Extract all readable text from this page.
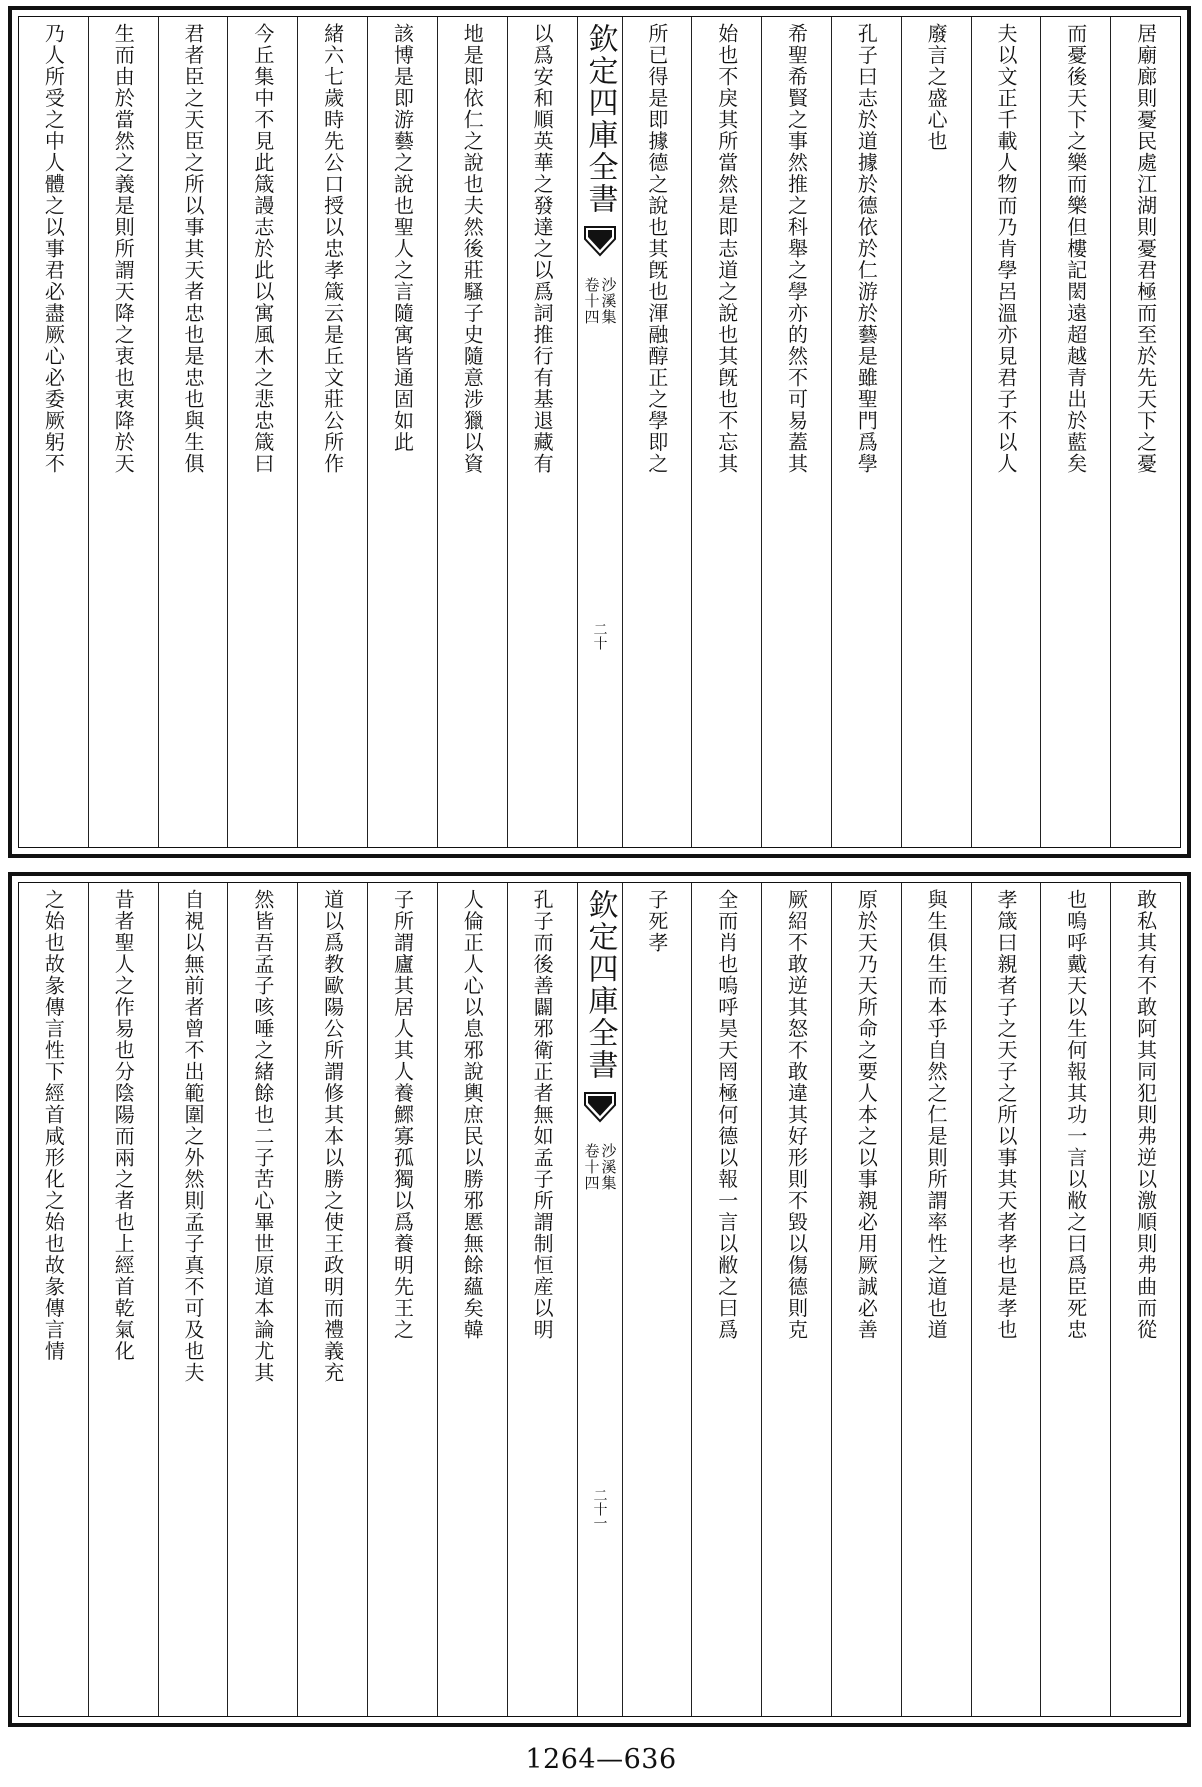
居廟廊則憂民處江湖則憂君極而至於先天下之憂
而憂後天下之樂而樂但樓記閎遠超越青出於藍矣
夫以文正千載人物而乃肯學呂溫亦見君子不以人
廢言之盛心也
孔子曰志於道據於德依於仁游於藝是雖聖門爲學
希聖希賢之事然推之科舉之學亦的然不可易蓋其
始也不戾其所當然是即志道之說也其旣也不忘其
所已得是即據德之說也其旣也渾融醇正之學即之
欽定四庫全書
沙溪集
卷十四
二十
以爲安和順英華之發達之以爲詞推行有基退藏有
地是即依仁之說也夫然後莊騷子史隨意涉獵以資
該博是即游藝之說也聖人之言隨寓皆通固如此
緒六七歲時先公口授以忠孝箴云是丘文莊公所作
今丘集中不見此箴謾志於此以寓風木之悲忠箴曰
君者臣之天臣之所以事其天者忠也是忠也與生俱
生而由於當然之義是則所謂天降之衷也衷降於天
乃人所受之中人體之以事君必盡厥心必委厥躬不
敢私其有不敢阿其同犯則弗逆以激順則弗曲而從
也嗚呼戴天以生何報其功一言以敝之曰爲臣死忠
孝箴曰親者子之天子之所以事其天者孝也是孝也
與生俱生而本乎自然之仁是則所謂率性之道也道
原於天乃天所命之要人本之以事親必用厥誠必善
厥紹不敢逆其怒不敢違其好形則不毀以傷德則克
全而肖也嗚呼昊天罔極何德以報一言以敝之曰爲
子死孝
欽定四庫全書
沙溪集
卷十四
二十一
孔子而後善闢邪衛正者無如孟子所謂制恒産以明
人倫正人心以息邪說輿庶民以勝邪慝無餘蘊矣韓
子所謂廬其居人其人養鰥寡孤獨以爲養明先王之
道以爲教歐陽公所謂修其本以勝之使王政明而禮義充
然皆吾孟子咳唾之緒餘也二子苦心畢世原道本論尤其
自視以無前者曾不出範圍之外然則孟子真不可及也夫
昔者聖人之作易也分陰陽而兩之者也上經首乾氣化
之始也故彖傳言性下經首咸形化之始也故彖傳言情
1264—636
